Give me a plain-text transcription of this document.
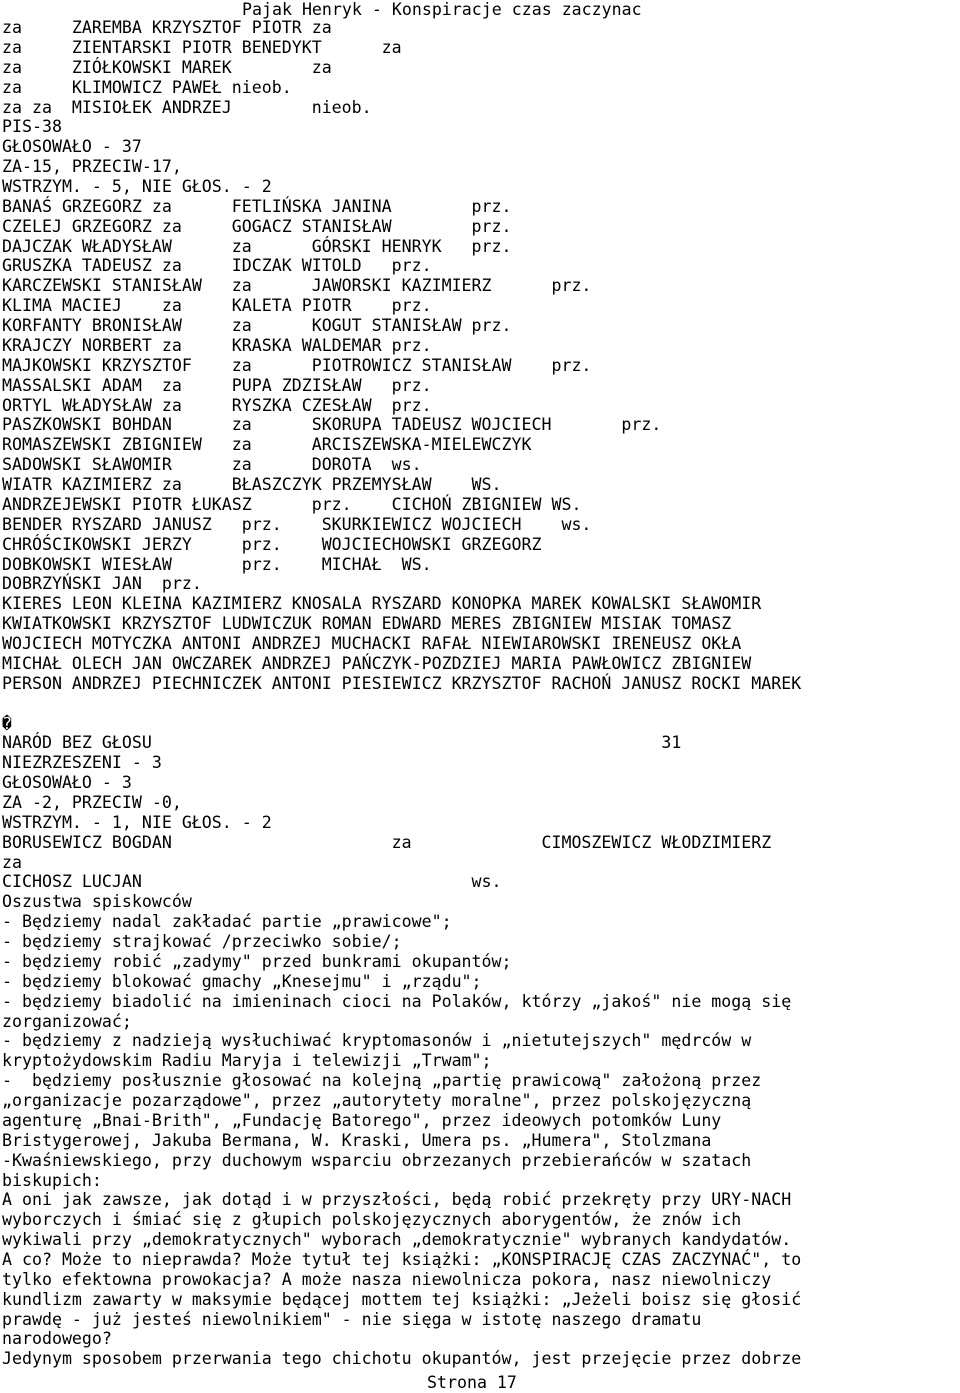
Pajak Henryk - Konspiracje czas zaczynac
za     ZAREMBA KRZYSZTOF PIOTR za
za     ZIENTARSKI PIOTR BENEDYKT      za
za     ZIÓŁKOWSKI MAREK        za
za     KLIMOWICZ PAWEŁ nieob.
za za  MISIOŁEK ANDRZEJ        nieob.
PIS-38
GŁOSOWAŁO - 37
ZA-15, PRZECIW-17,
WSTRZYM. - 5, NIE GŁOS. - 2
BANAŚ GRZEGORZ za      FETLIŃSKA JANINA        prz.
CZELEJ GRZEGORZ za     GOGACZ STANISŁAW        prz.
DAJCZAK WŁADYSŁAW      za      GÓRSKI HENRYK   prz.
GRUSZKA TADEUSZ za     IDCZAK WITOLD   prz.
KARCZEWSKI STANISŁAW   za      JAWORSKI KAZIMIERZ      prz.
KLIMA MACIEJ    za     KALETA PIOTR    prz.
KORFANTY BRONISŁAW     za      KOGUT STANISŁAW prz.
KRAJCZY NORBERT za     KRASKA WALDEMAR prz.
MAJKOWSKI KRZYSZTOF    za      PIOTROWICZ STANISŁAW    prz.
MASSALSKI ADAM  za     PUPA ZDZISŁAW   prz.
ORTYL WŁADYSŁAW za     RYSZKA CZESŁAW  prz.
PASZKOWSKI BOHDAN      za      SKORUPA TADEUSZ WOJCIECH       prz.
ROMASZEWSKI ZBIGNIEW   za      ARCISZEWSKA-MIELEWCZYK
SADOWSKI SŁAWOMIR      za      DOROTA  ws.
WIATR KAZIMIERZ za     BŁASZCZYK PRZEMYSŁAW    WS.
ANDRZEJEWSKI PIOTR ŁUKASZ      prz.    CICHOŃ ZBIGNIEW WS.
BENDER RYSZARD JANUSZ   prz.    SKURKIEWICZ WOJCIECH    ws.
CHRÓŚCIKOWSKI JERZY     prz.    WOJCIECHOWSKI GRZEGORZ
DOBKOWSKI WIESŁAW       prz.    MICHAŁ  WS.
DOBRZYŃSKI JAN  prz.
KIERES LEON KLEINA KAZIMIERZ KNOSALA RYSZARD KONOPKA MAREK KOWALSKI SŁAWOMIR
KWIATKOWSKI KRZYSZTOF LUDWICZUK ROMAN EDWARD MERES ZBIGNIEW MISIAK TOMASZ
WOJCIECH MOTYCZKA ANTONI ANDRZEJ MUCHACKI RAFAŁ NIEWIAROWSKI IRENEUSZ OKŁA
MICHAŁ OLECH JAN OWCZAREK ANDRZEJ PAŃCZYK-POZDZIEJ MARIA PAWŁOWICZ ZBIGNIEW
PERSON ANDRZEJ PIECHNICZEK ANTONI PIESIEWICZ KRZYSZTOF RACHOŃ JANUSZ ROCKI MAREK
�
NARÓD BEZ GŁOSU                                                   31
NIEZRZESZENI - 3
GŁOSOWAŁO - 3
ZA -2, PRZECIW -0,
WSTRZYM. - 1, NIE GŁOS. - 2
BORUSEWICZ BOGDAN                      za             CIMOSZEWICZ WŁODZIMIERZ
za
CICHOSZ LUCJAN                                 ws.
Oszustwa spiskowców
- Będziemy nadal zakładać partie „prawicowe";
- będziemy strajkować /przeciwko sobie/;
- będziemy robić „zadymy" przed bunkrami okupantów;
- będziemy blokować gmachy „Knesejmu" i „rządu";
- będziemy biadolić na imieninach cioci na Polaków, którzy „jakoś" nie mogą się
zorganizować;
- będziemy z nadzieją wysłuchiwać kryptomasonów i „nietutejszych" mędrców w
kryptożydowskim Radiu Maryja i telewizji „Trwam";
-  będziemy posłusznie głosować na kolejną „partię prawicową" założoną przez
„organizacje pozarządowe", przez „autorytety moralne", przez polskojęzyczną
agenturę „Bnai-Brith", „Fundację Batorego", przez ideowych potomków Luny
Bristygerowej, Jakuba Bermana, W. Kraski, Umera ps. „Humera", Stolzmana
-Kwaśniewskiego, przy duchowym wsparciu obrzezanych przebierańców w szatach
biskupich:
A oni jak zawsze, jak dotąd i w przyszłości, będą robić przekręty przy URY-NACH
wyborczych i śmiać się z głupich polskojęzycznych aborygentów, że znów ich
wykiwali przy „demokratycznych" wyborach „demokratycznie" wybranych kandydatów.
A co? Może to nieprawda? Może tytuł tej książki: „KONSPIRACJĘ CZAS ZACZYNAĆ", to
tylko efektowna prowokacja? A może nasza niewolnicza pokora, nasz niewolniczy
kundlizm zawarty w maksymie będącej mottem tej książki: „Jeżeli boisz się głosić
prawdę - już jesteś niewolnikiem" - nie sięga w istotę naszego dramatu
narodowego?
Jedynym sposobem przerwania tego chichotu okupantów, jest przejęcie przez dobrze
Strona 17
